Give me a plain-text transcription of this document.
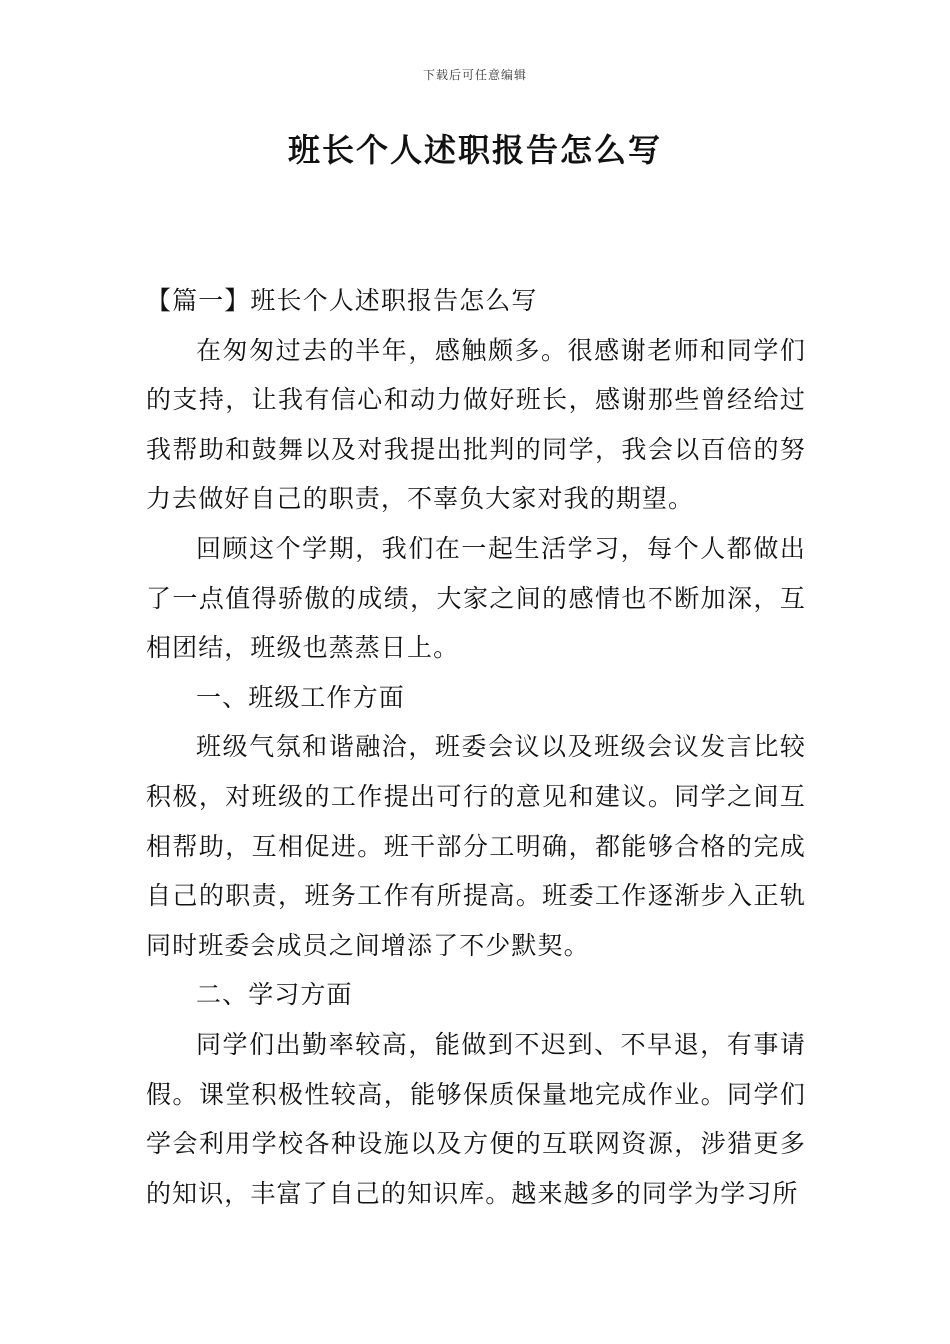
下载后可任意编辑
班长个人述职报告怎么写

【篇一】班长个人述职报告怎么写

在匆匆过去的半年，感触颇多。很感谢老师和同学们的支持，让我有信心和动力做好班长，感谢那些曾经给过我帮助和鼓舞以及对我提出批判的同学，我会以百倍的努力去做好自己的职责，不辜负大家对我的期望。

回顾这个学期，我们在一起生活学习，每个人都做出了一点值得骄傲的成绩，大家之间的感情也不断加深，互相团结，班级也蒸蒸日上。

一、班级工作方面

班级气氛和谐融洽，班委会议以及班级会议发言比较积极，对班级的工作提出可行的意见和建议。同学之间互相帮助，互相促进。班干部分工明确，都能够合格的完成自己的职责，班务工作有所提高。班委工作逐渐步入正轨同时班委会成员之间增添了不少默契。

二、学习方面

同学们出勤率较高，能做到不迟到、不早退，有事请假。课堂积极性较高，能够保质保量地完成作业。同学们学会利用学校各种设施以及方便的互联网资源，涉猎更多的知识，丰富了自己的知识库。越来越多的同学为学习所
